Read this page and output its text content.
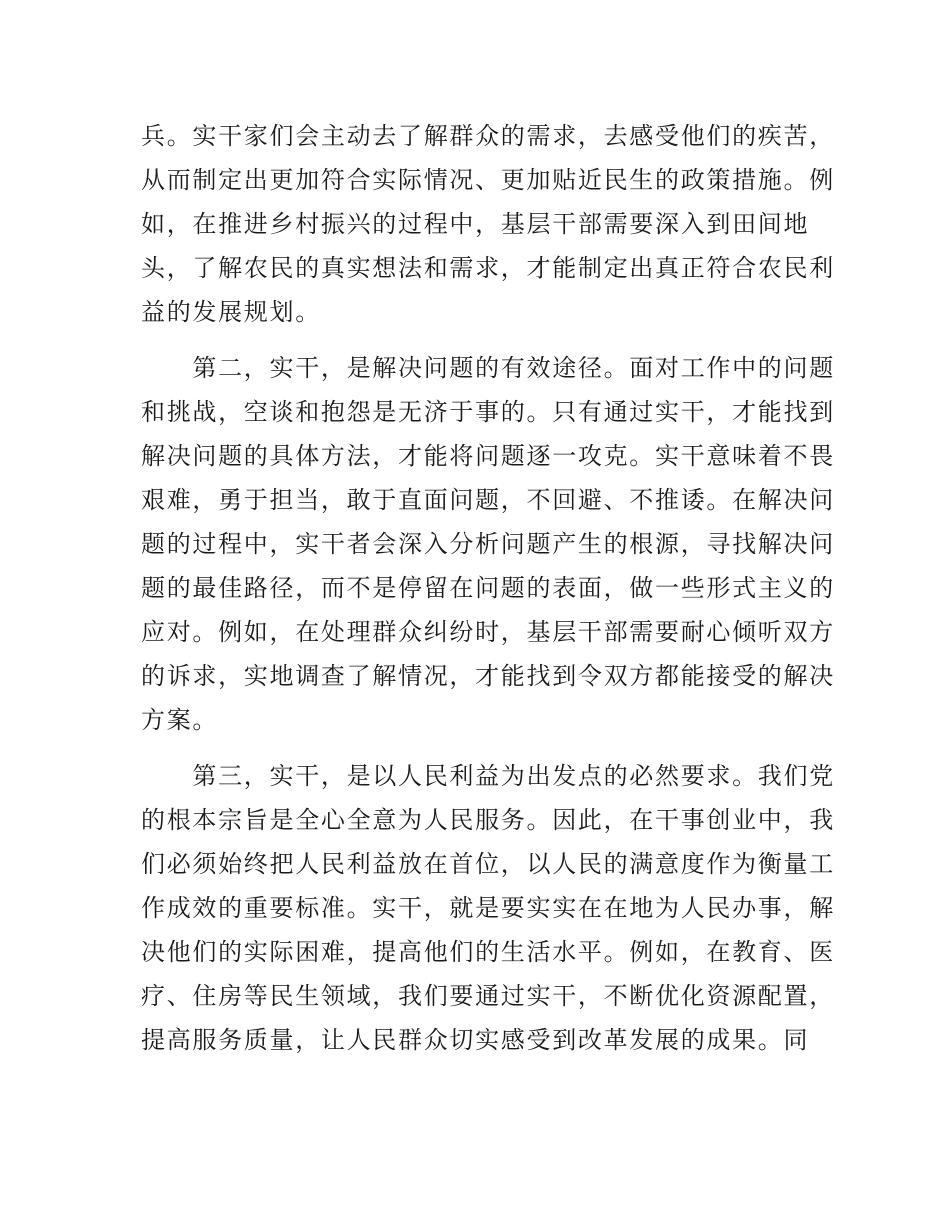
兵。实干家们会主动去了解群众的需求，去感受他们的疾苦，
从而制定出更加符合实际情况、更加贴近民生的政策措施。例
如，在推进乡村振兴的过程中，基层干部需要深入到田间地
头，了解农民的真实想法和需求，才能制定出真正符合农民利
益的发展规划。
　　第二，实干，是解决问题的有效途径。面对工作中的问题
和挑战，空谈和抱怨是无济于事的。只有通过实干，才能找到
解决问题的具体方法，才能将问题逐一攻克。实干意味着不畏
艰难，勇于担当，敢于直面问题，不回避、不推诿。在解决问
题的过程中，实干者会深入分析问题产生的根源，寻找解决问
题的最佳路径，而不是停留在问题的表面，做一些形式主义的
应对。例如，在处理群众纠纷时，基层干部需要耐心倾听双方
的诉求，实地调查了解情况，才能找到令双方都能接受的解决
方案。
　　第三，实干，是以人民利益为出发点的必然要求。我们党
的根本宗旨是全心全意为人民服务。因此，在干事创业中，我
们必须始终把人民利益放在首位，以人民的满意度作为衡量工
作成效的重要标准。实干，就是要实实在在地为人民办事，解
决他们的实际困难，提高他们的生活水平。例如，在教育、医
疗、住房等民生领域，我们要通过实干，不断优化资源配置，
提高服务质量，让人民群众切实感受到改革发展的成果。同
